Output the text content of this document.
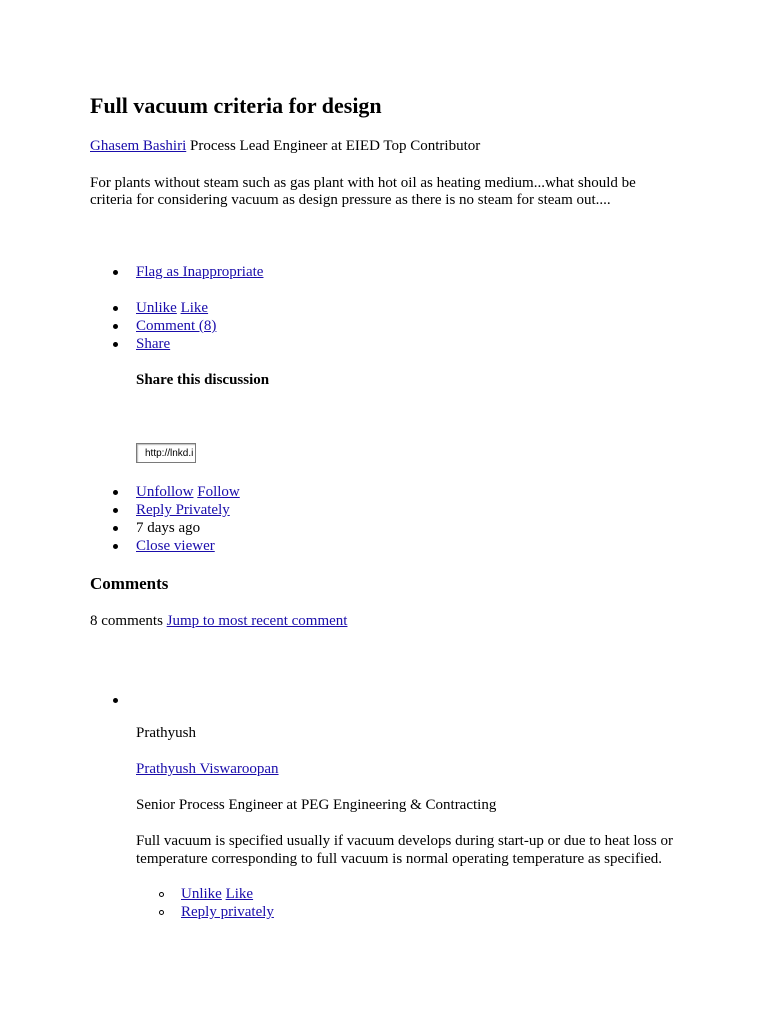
Full vacuum criteria for design
Ghasem Bashiri Process Lead Engineer at EIED Top Contributor
For plants without steam such as gas plant with hot oil as heating medium...what should be
criteria for considering vacuum as design pressure as there is no steam for steam out....
Flag as Inappropriate
Unlike Like
Comment (8)
Share
Share this discussion
http://lnkd.i
Unfollow Follow
Reply Privately
7 days ago
Close viewer
Comments
8 comments Jump to most recent comment
Prathyush
Prathyush Viswaroopan
Senior Process Engineer at PEG Engineering & Contracting
Full vacuum is specified usually if vacuum develops during start-up or due to heat loss or
temperature corresponding to full vacuum is normal operating temperature as specified.
Unlike Like
Reply privately
